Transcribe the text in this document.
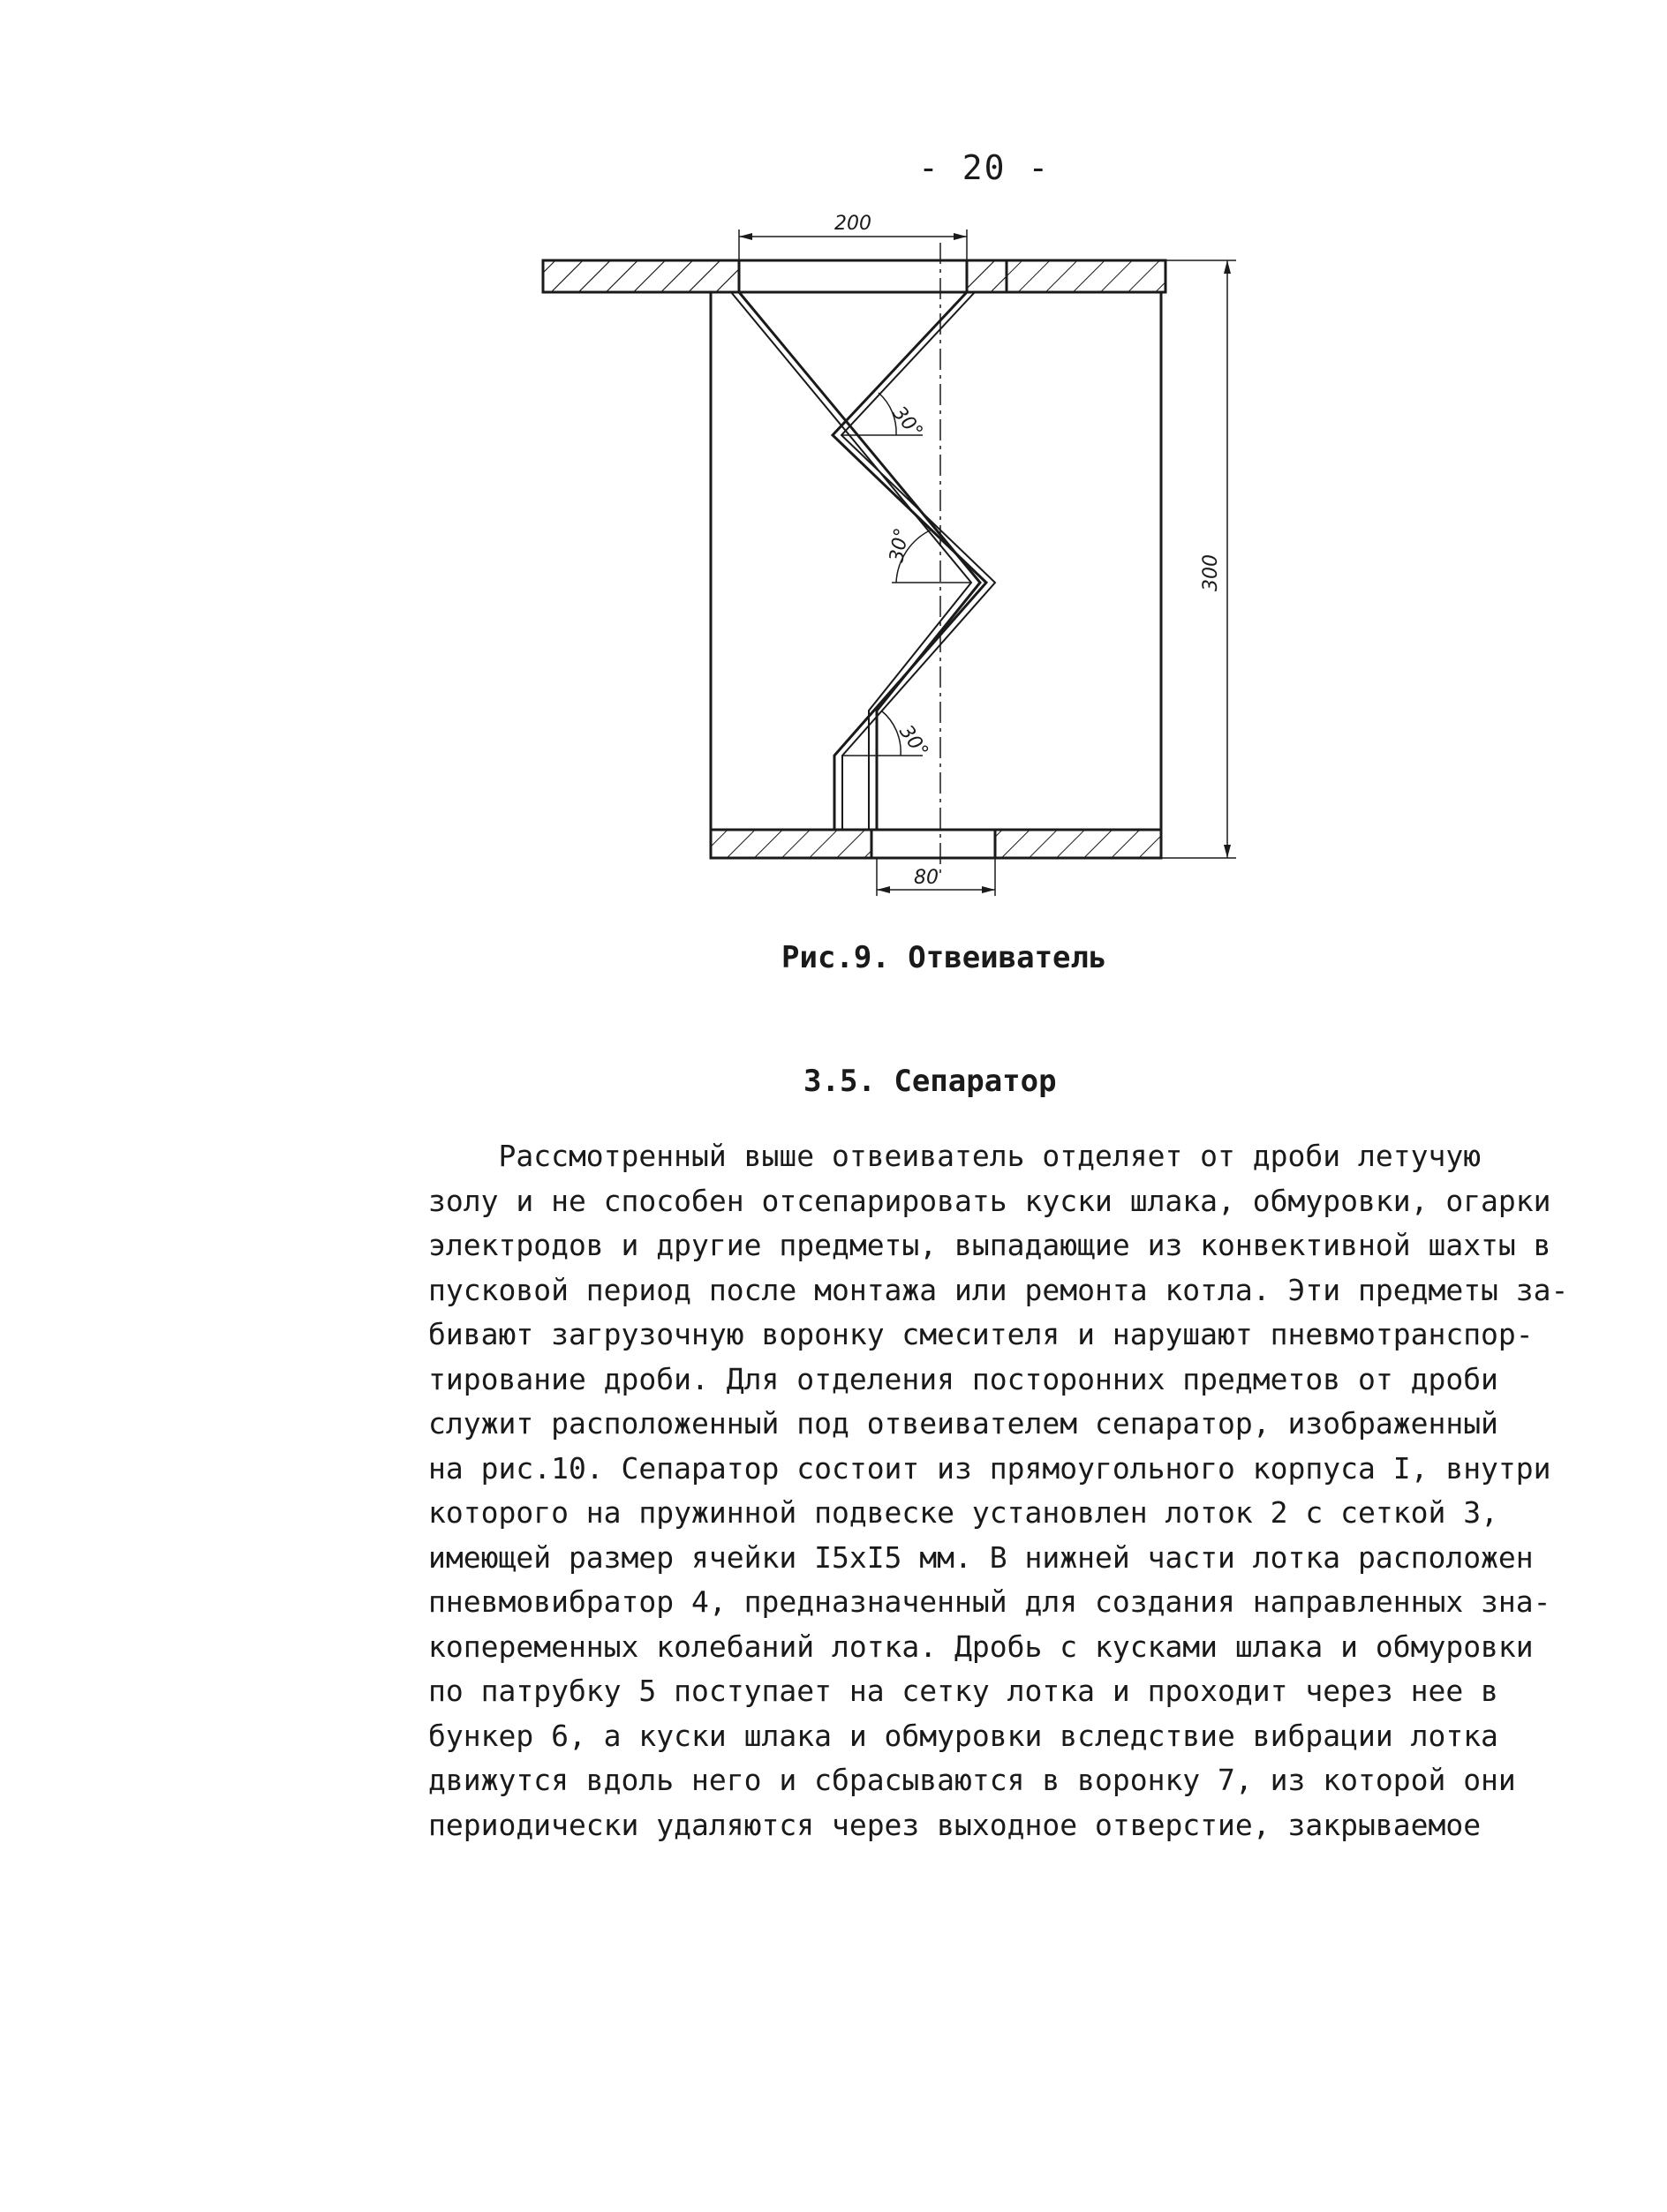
- 20 -
200
300
80
30°
30°
30°
Рис.9. Отвеиватель
3.5. Сепаратор
Рассмотренный выше отвеиватель отделяет от дроби летучую
золу и не способен отсепарировать куски шлака, обмуровки, огарки
электродов и другие предметы, выпадающие из конвективной шахты в
пусковой период после монтажа или ремонта котла. Эти предметы за-
бивают загрузочную воронку смесителя и нарушают пневмотранспор-
тирование дроби. Для отделения посторонних предметов от дроби
служит расположенный под отвеивателем сепаратор, изображенный
на рис.10. Сепаратор состоит из прямоугольного корпуса I, внутри
которого на пружинной подвеске установлен лоток 2 с сеткой 3,
имеющей размер ячейки I5xI5 мм. В нижней части лотка расположен
пневмовибратор 4, предназначенный для создания направленных зна-
копеременных колебаний лотка. Дробь с кусками шлака и обмуровки
по патрубку 5 поступает на сетку лотка и проходит через нее в
бункер 6, а куски шлака и обмуровки вследствие вибрации лотка
движутся вдоль него и сбрасываются в воронку 7, из которой они
периодически удаляются через выходное отверстие, закрываемое
